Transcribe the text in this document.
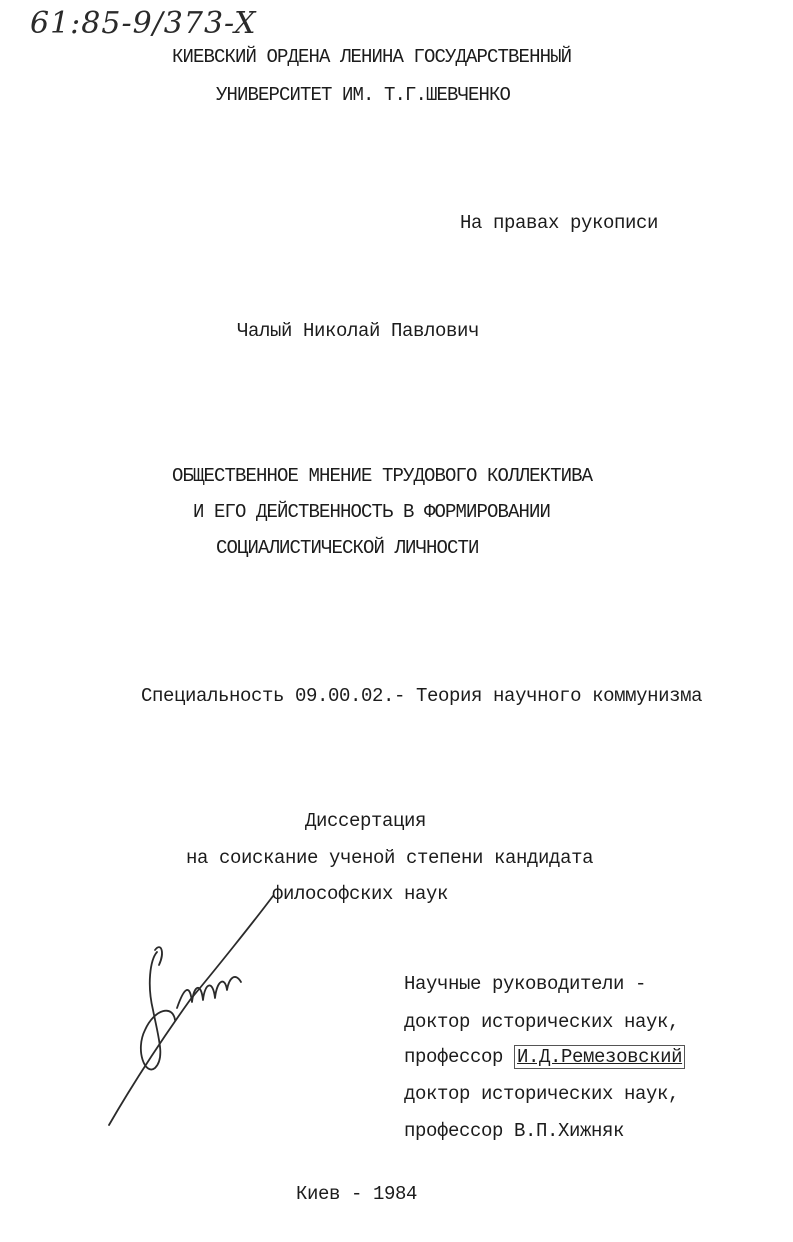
61:85-9/373-X
КИЕВСКИЙ ОРДЕНА ЛЕНИНА ГОСУДАРСТВЕННЫЙ
УНИВЕРСИТЕТ ИМ. Т.Г.ШЕВЧЕНКО
На правах рукописи
Чалый Николай Павлович
ОБЩЕСТВЕННОЕ МНЕНИЕ ТРУДОВОГО КОЛЛЕКТИВА
И ЕГО ДЕЙСТВЕННОСТЬ В ФОРМИРОВАНИИ
СОЦИАЛИСТИЧЕСКОЙ ЛИЧНОСТИ
Специальность 09.00.02.- Теория научного коммунизма
Диссертация
на соискание ученой степени кандидата
философских наук
Научные руководители -
доктор исторических наук,
профессор И.Д.Ремезовский
доктор исторических наук,
профессор В.П.Хижняк
Киев - 1984
